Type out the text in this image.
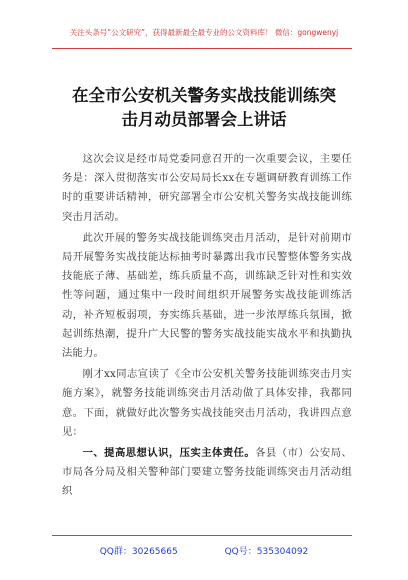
关注头条号“公文研究”，获得最新最全最专业的公文资料库！ 微信：gongwenyj
在全市公安机关警务实战技能训练突
击月动员部署会上讲话

这次会议是经市局党委同意召开的一次重要会议，主要任务是：深入贯彻落实市公安局局长xx在专题调研教育训练工作时的重要讲话精神，研究部署全市公安机关警务实战技能训练突击月活动。

此次开展的警务实战技能训练突击月活动，是针对前期市局开展警务实战技能达标抽考时暴露出我市民警整体警务实战技能底子薄、基础差，练兵质量不高，训练缺乏针对性和实效性等问题，通过集中一段时间组织开展警务实战技能训练活动，补齐短板弱项，夯实练兵基础，进一步浓厚练兵氛围，掀起训练热潮，提升广大民警的警务实战技能实战水平和执勤执法能力。

刚才xx同志宣读了《全市公安机关警务技能训练突击月实施方案》，就警务技能训练突击月活动做了具体安排，我都同意。下面，就做好此次警务实战技能突击月活动，我讲四点意见：

一、提高思想认识，压实主体责任。各县（市）公安局、市局各分局及相关警种部门要建立警务技能训练突击月活动组织

QQ群：30265665	QQ号：535304092
